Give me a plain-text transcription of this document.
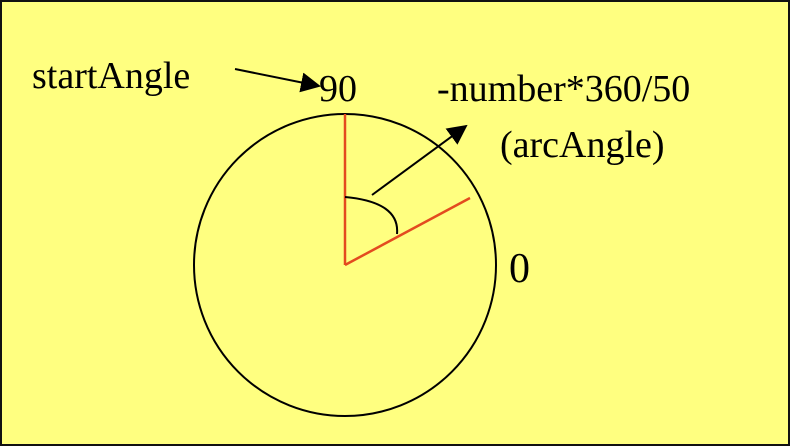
startAngle	90 -number*360/50
(arcAngle)
0
